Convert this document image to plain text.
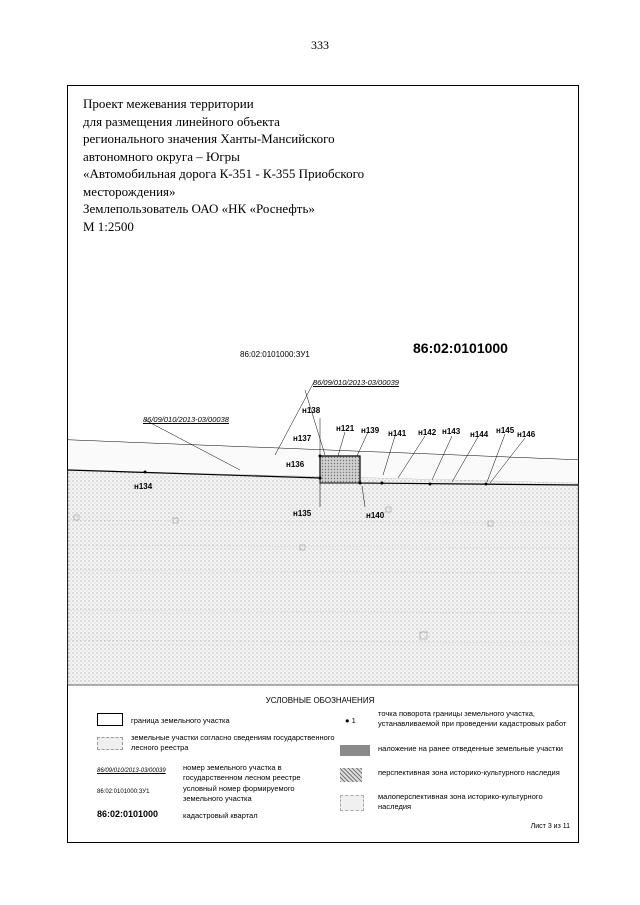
333
Проект межевания территории
для размещения линейного объекта
регионального значения Ханты-Мансийского
автономного округа – Югры
«Автомобильная дорога К-351 - К-355 Приобского
месторождения»
Землепользователь ОАО «НК «Роснефть»
М 1:2500
86:02:0101000
86:02:0101000:ЗУ1
86/09/010/2013-03/00039
86/09/010/2013-03/00038
н134
н135
н136
н137
н138
н121 н139
н140
н141 н142 н143 н144 н145 н146
УСЛОВНЫЕ ОБОЗНАЧЕНИЯ
граница земельного участка
земельные участки согласно сведениям государственного лесного реестра
86/09/010/2013-03/00039 номер земельного участка в государственном лесном реестре
86:02:0101000:ЗУ1	условный номер формируемого земельного участка
86:02:0101000	кадастровый квартал
● 1
точка поворота границы земельного участка, устанавливаемой при проведении кадастровых работ
наложение на ранее отведенные земельные участки
перспективная зона историко-культурного наследия
малоперспективная зона историко-культурного наследия
Лист 3 из 11
